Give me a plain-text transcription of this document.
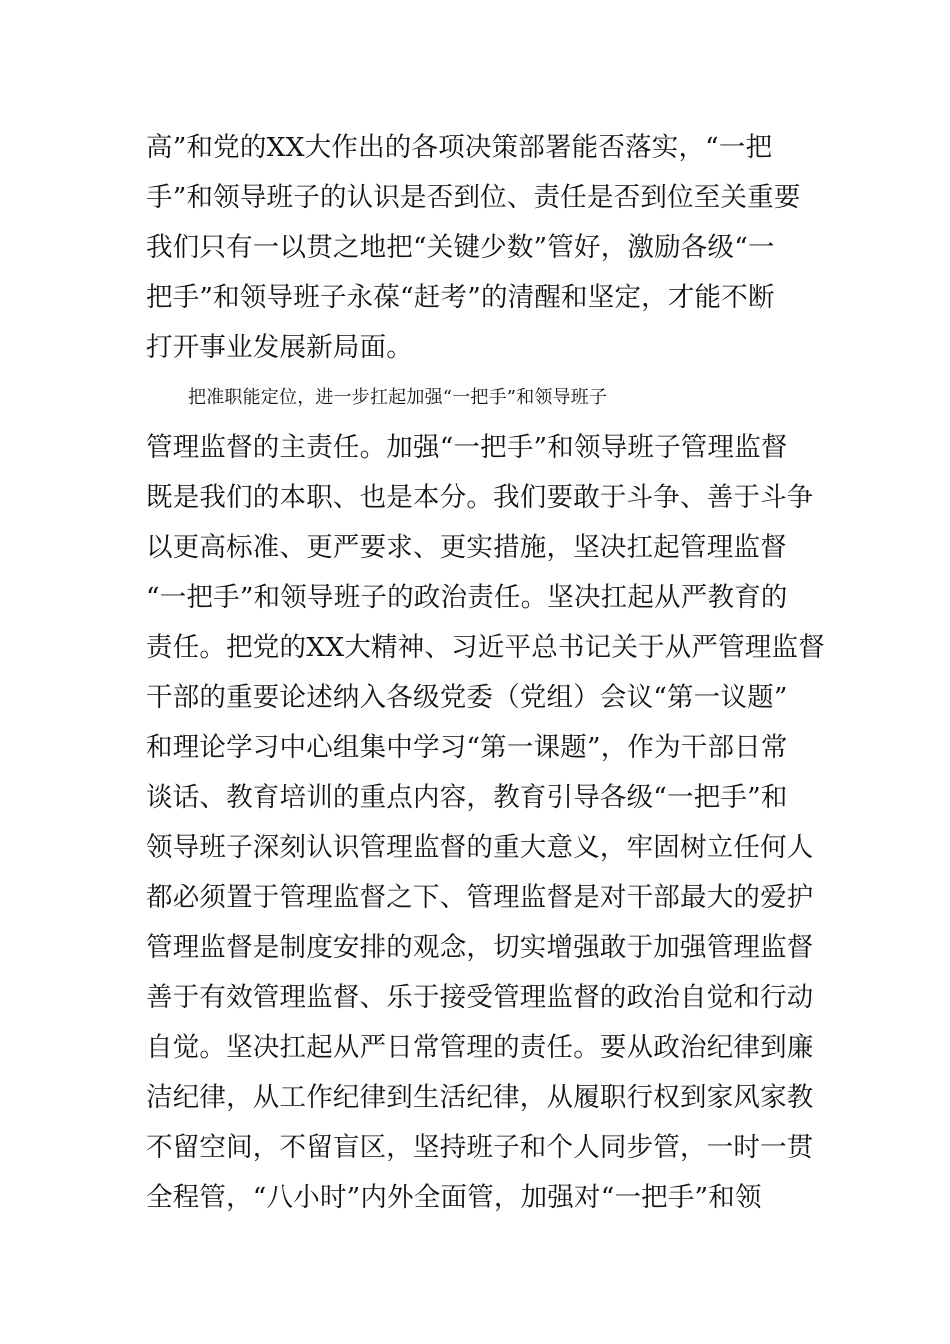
高”和党的XX大作出的各项决策部署能否落实，“一把
手”和领导班子的认识是否到位、责任是否到位至关重要
我们只有一以贯之地把“关键少数”管好，激励各级“一
把手”和领导班子永葆“赶考”的清醒和坚定，才能不断
打开事业发展新局面。
把准职能定位，进一步扛起加强“一把手”和领导班子
管理监督的主责任。加强“一把手”和领导班子管理监督
既是我们的本职、也是本分。我们要敢于斗争、善于斗争
以更高标准、更严要求、更实措施，坚决扛起管理监督
“一把手”和领导班子的政治责任。坚决扛起从严教育的
责任。把党的XX大精神、习近平总书记关于从严管理监督
干部的重要论述纳入各级党委（党组）会议“第一议题”
和理论学习中心组集中学习“第一课题”，作为干部日常
谈话、教育培训的重点内容，教育引导各级“一把手”和
领导班子深刻认识管理监督的重大意义，牢固树立任何人
都必须置于管理监督之下、管理监督是对干部最大的爱护
管理监督是制度安排的观念，切实增强敢于加强管理监督
善于有效管理监督、乐于接受管理监督的政治自觉和行动
自觉。坚决扛起从严日常管理的责任。要从政治纪律到廉
洁纪律，从工作纪律到生活纪律，从履职行权到家风家教
不留空间，不留盲区，坚持班子和个人同步管，一时一贯
全程管，“八小时”内外全面管，加强对“一把手”和领
